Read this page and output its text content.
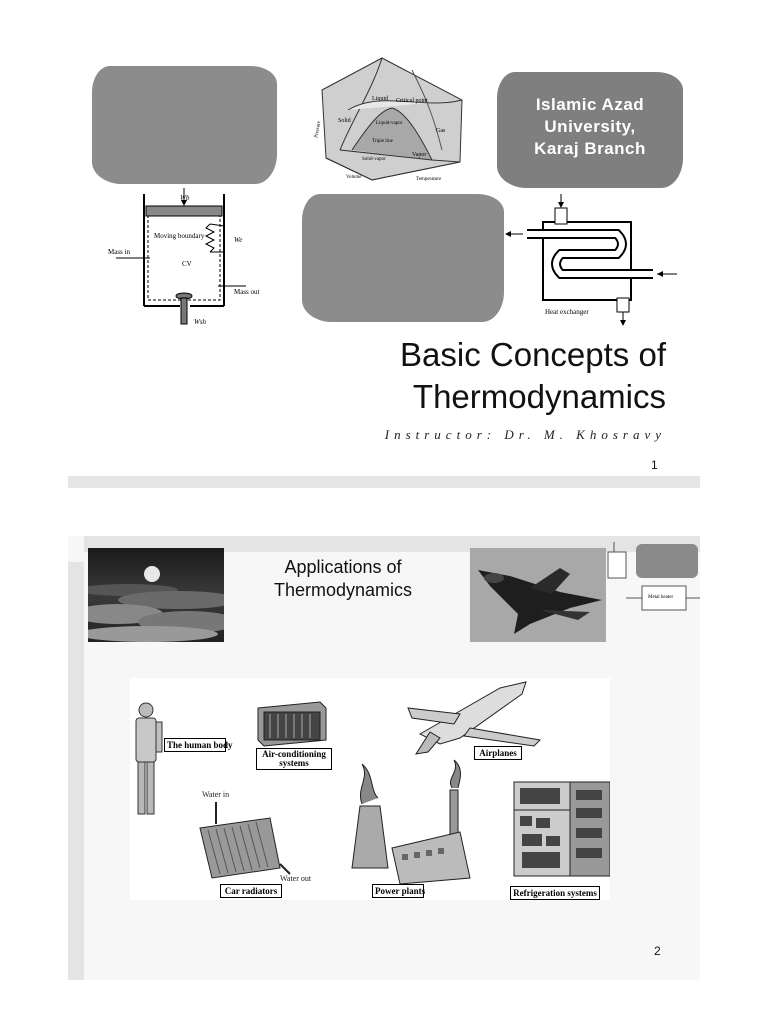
Islamic Azad
University,
Karaj Branch
Liquid Critical point
Solid	Liquid-vapor
Triple line
Gas
Vapor
Solid-vapor
Pressure
Volume	Temperature
Wb
We
Wsh
Moving boundary
CV
Mass in
Mass out
Heat exchanger
Basic Concepts of
Thermodynamics
Instructor: Dr. M. Khosravy
1
Applications of
Thermodynamics	Metal heater
The human body
Air-conditioning
systems
Airplanes
Water in
Water out
Car radiators	Power plants	Refrigeration systems
2
